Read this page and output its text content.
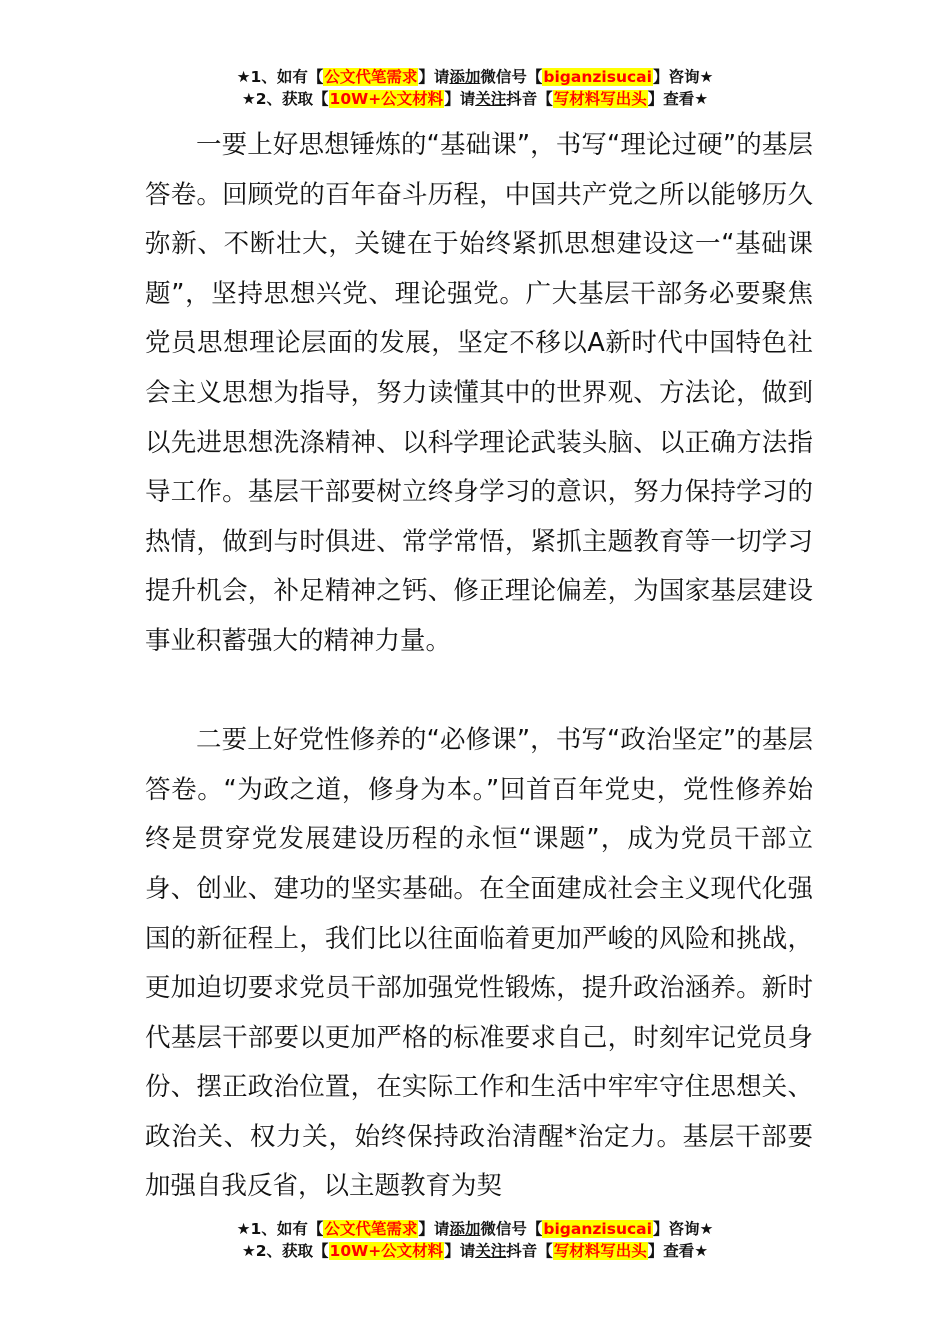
★1、如有【公文代笔需求】请添加微信号【biganzisucai】咨询★
★2、获取【10W+公文材料】请关注抖音【写材料写出头】查看★

一要上好思想锤炼的“基础课”，书写“理论过硬”的基层答卷。回顾党的百年奋斗历程，中国共产党之所以能够历久弥新、不断壮大，关键在于始终紧抓思想建设这一“基础课题”，坚持思想兴党、理论强党。广大基层干部务必要聚焦党员思想理论层面的发展，坚定不移以A新时代中国特色社会主义思想为指导，努力读懂其中的世界观、方法论，做到以先进思想洗涤精神、以科学理论武装头脑、以正确方法指导工作。基层干部要树立终身学习的意识，努力保持学习的热情，做到与时俱进、常学常悟，紧抓主题教育等一切学习提升机会，补足精神之钙、修正理论偏差，为国家基层建设事业积蓄强大的精神力量。

二要上好党性修养的“必修课”，书写“政治坚定”的基层答卷。“为政之道，修身为本。”回首百年党史，党性修养始终是贯穿党发展建设历程的永恒“课题”，成为党员干部立身、创业、建功的坚实基础。在全面建成社会主义现代化强国的新征程上，我们比以往面临着更加严峻的风险和挑战，更加迫切要求党员干部加强党性锻炼，提升政治涵养。新时代基层干部要以更加严格的标准要求自己，时刻牢记党员身份、摆正政治位置，在实际工作和生活中牢牢守住思想关、政治关、权力关，始终保持政治清醒*治定力。基层干部要加强自我反省，以主题教育为契

★1、如有【公文代笔需求】请添加微信号【biganzisucai】咨询★
★2、获取【10W+公文材料】请关注抖音【写材料写出头】查看★
